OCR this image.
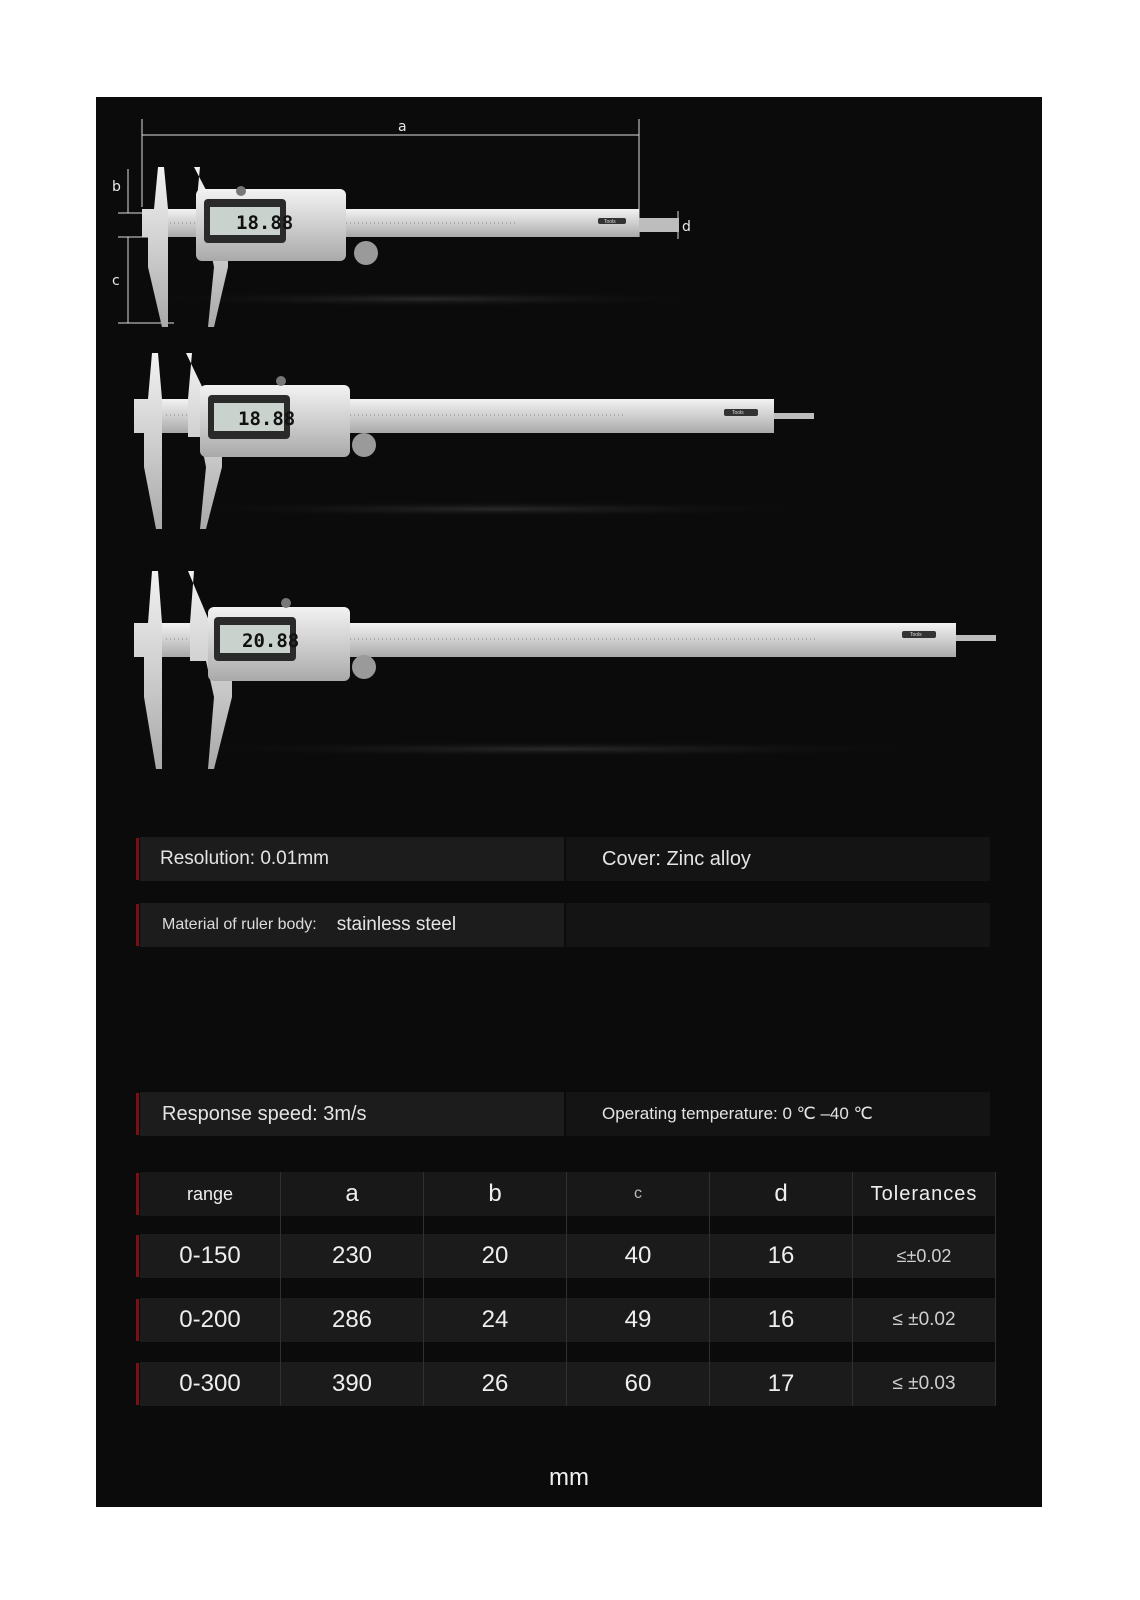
a
b
c
d
Tools
18.88
Tools
18.88
Tools
20.88
Resolution: 0.01mm	Cover: Zinc alloy
Material of ruler body: stainless steel
Response speed: 3m/s	Operating temperature: 0 ℃ –40 ℃
range	a	b	c	d	Tolerances
0-150	230	20	40	16	≤±0.02
0-200	286	24	49	16	≤ ±0.02
0-300	390	26	60	17	≤ ±0.03
mm
